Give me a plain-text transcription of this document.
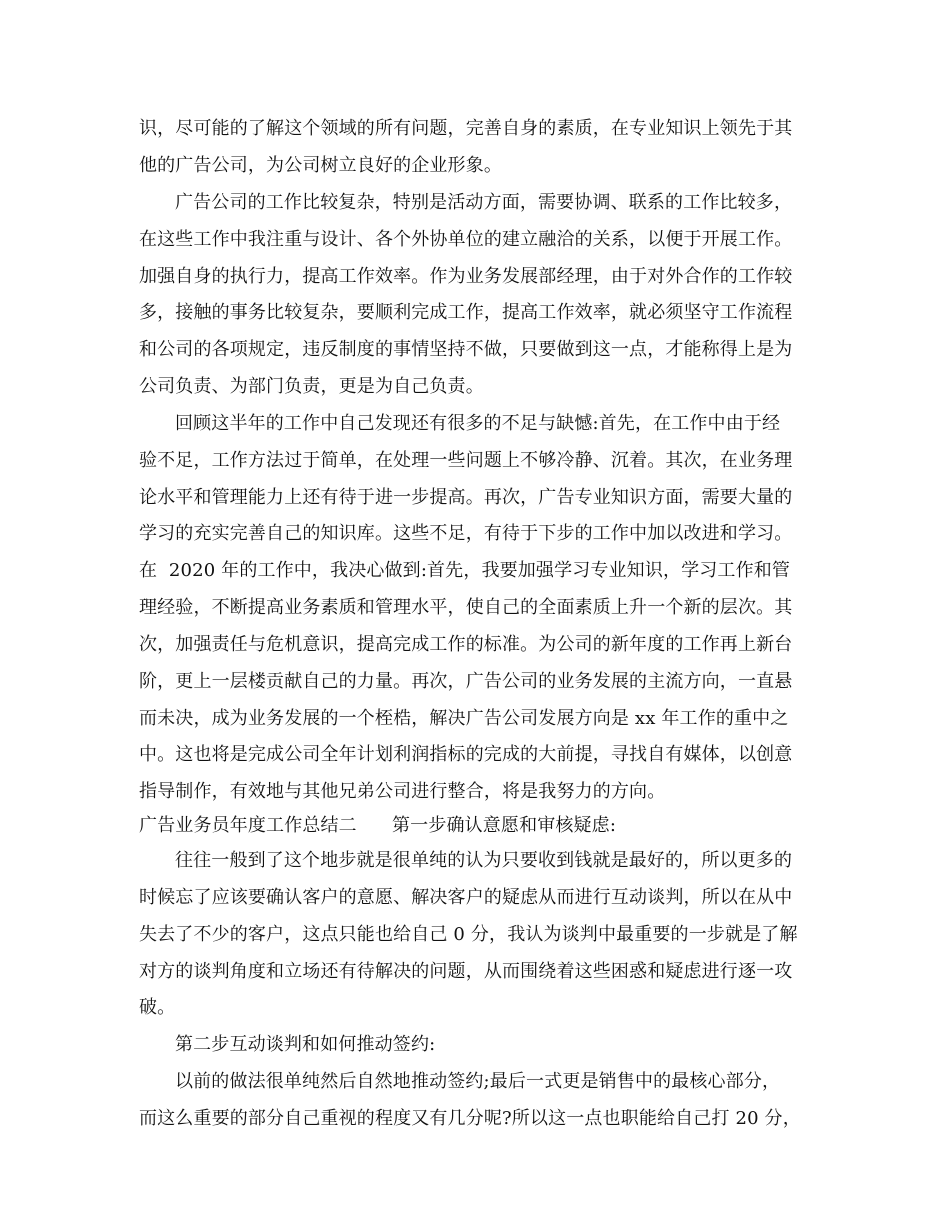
识，尽可能的了解这个领域的所有问题，完善自身的素质，在专业知识上领先于其
他的广告公司，为公司树立良好的企业形象。
广告公司的工作比较复杂，特别是活动方面，需要协调、联系的工作比较多，
在这些工作中我注重与设计、各个外协单位的建立融洽的关系，以便于开展工作。
加强自身的执行力，提高工作效率。作为业务发展部经理，由于对外合作的工作较
多，接触的事务比较复杂，要顺利完成工作，提高工作效率，就必须坚守工作流程
和公司的各项规定，违反制度的事情坚持不做，只要做到这一点，才能称得上是为
公司负责、为部门负责，更是为自己负责。
回顾这半年的工作中自己发现还有很多的不足与缺憾:首先，在工作中由于经
验不足，工作方法过于简单，在处理一些问题上不够冷静、沉着。其次，在业务理
论水平和管理能力上还有待于进一步提高。再次，广告专业知识方面，需要大量的
学习的充实完善自己的知识库。这些不足，有待于下步的工作中加以改进和学习。
在  2020 年的工作中，我决心做到:首先，我要加强学习专业知识，学习工作和管
理经验，不断提高业务素质和管理水平，使自己的全面素质上升一个新的层次。其
次，加强责任与危机意识，提高完成工作的标准。为公司的新年度的工作再上新台
阶，更上一层楼贡献自己的力量。再次，广告公司的业务发展的主流方向，一直悬
而未决，成为业务发展的一个桎梏，解决广告公司发展方向是 xx 年工作的重中之
中。这也将是完成公司全年计划利润指标的完成的大前提，寻找自有媒体，以创意
指导制作，有效地与其他兄弟公司进行整合，将是我努力的方向。
广告业务员年度工作总结二      第一步确认意愿和审核疑虑:
往往一般到了这个地步就是很单纯的认为只要收到钱就是最好的，所以更多的
时候忘了应该要确认客户的意愿、解决客户的疑虑从而进行互动谈判，所以在从中
失去了不少的客户，这点只能也给自己 0 分，我认为谈判中最重要的一步就是了解
对方的谈判角度和立场还有待解决的问题，从而围绕着这些困惑和疑虑进行逐一攻
破。
第二步互动谈判和如何推动签约:
以前的做法很单纯然后自然地推动签约;最后一式更是销售中的最核心部分，
而这么重要的部分自己重视的程度又有几分呢?所以这一点也职能给自己打 20 分，
